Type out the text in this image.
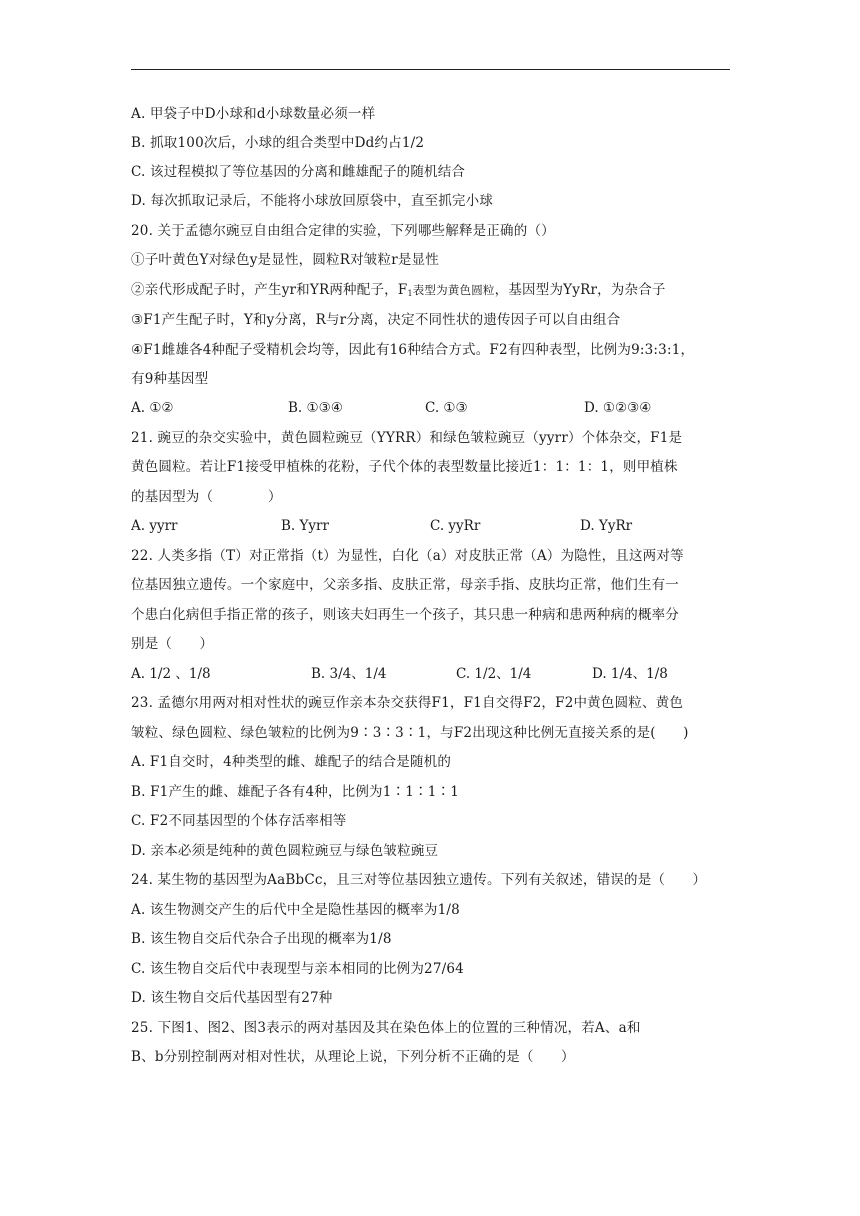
A. 甲袋子中D小球和d小球数量必须一样
B. 抓取100次后，小球的组合类型中Dd约占1/2
C. 该过程模拟了等位基因的分离和雌雄配子的随机结合
D. 每次抓取记录后，不能将小球放回原袋中，直至抓完小球
20. 关于孟德尔豌豆自由组合定律的实验，下列哪些解释是正确的（）
①子叶黄色Y对绿色y是显性，圆粒R对皱粒r是显性
②亲代形成配子时，产生yr和YR两种配子，$F_1$表型为黄色圆粒，基因型为YyRr，为杂合子
③F1产生配子时，Y和y分离，R与r分离，决定不同性状的遗传因子可以自由组合
④F1雌雄各4种配子受精机会均等，因此有16种结合方式。F2有四种表型，比例为9:3:3:1，
有9种基因型
A. ①②	B. ①③④	C. ①③	D. ①②③④
21. 豌豆的杂交实验中，黄色圆粒豌豆（YYRR）和绿色皱粒豌豆（yyrr）个体杂交，F1是
黄色圆粒。若让F1接受甲植株的花粉，子代个体的表型数量比接近1：1：1：1，则甲植株
的基因型为（　　　　）
A. yyrr	B. Yyrr	C. yyRr	D. YyRr
22. 人类多指（T）对正常指（t）为显性，白化（a）对皮肤正常（A）为隐性，且这两对等
位基因独立遗传。一个家庭中，父亲多指、皮肤正常，母亲手指、皮肤均正常，他们生有一
个患白化病但手指正常的孩子，则该夫妇再生一个孩子，其只患一种病和患两种病的概率分
别是（　　）
A. 1/2 、1/8	B. 3/4、1/4	C. 1/2、1/4	D. 1/4、1/8
23. 孟德尔用两对相对性状的豌豆作亲本杂交获得F1，F1自交得F2，F2中黄色圆粒、黄色
皱粒、绿色圆粒、绿色皱粒的比例为9∶3∶3∶1，与F2出现这种比例无直接关系的是(　　)
A. F1自交时，4种类型的雌、雄配子的结合是随机的
B. F1产生的雌、雄配子各有4种，比例为1∶1∶1∶1
C. F2不同基因型的个体存活率相等
D. 亲本必须是纯种的黄色圆粒豌豆与绿色皱粒豌豆
24. 某生物的基因型为AaBbCc，且三对等位基因独立遗传。下列有关叙述，错误的是（　　）
A. 该生物测交产生的后代中全是隐性基因的概率为1/8
B. 该生物自交后代杂合子出现的概率为1/8
C. 该生物自交后代中表现型与亲本相同的比例为27/64
D. 该生物自交后代基因型有27种
25. 下图1、图2、图3表示的两对基因及其在染色体上的位置的三种情况，若A、a和
B、b分别控制两对相对性状，从理论上说，下列分析不正确的是（　　）
